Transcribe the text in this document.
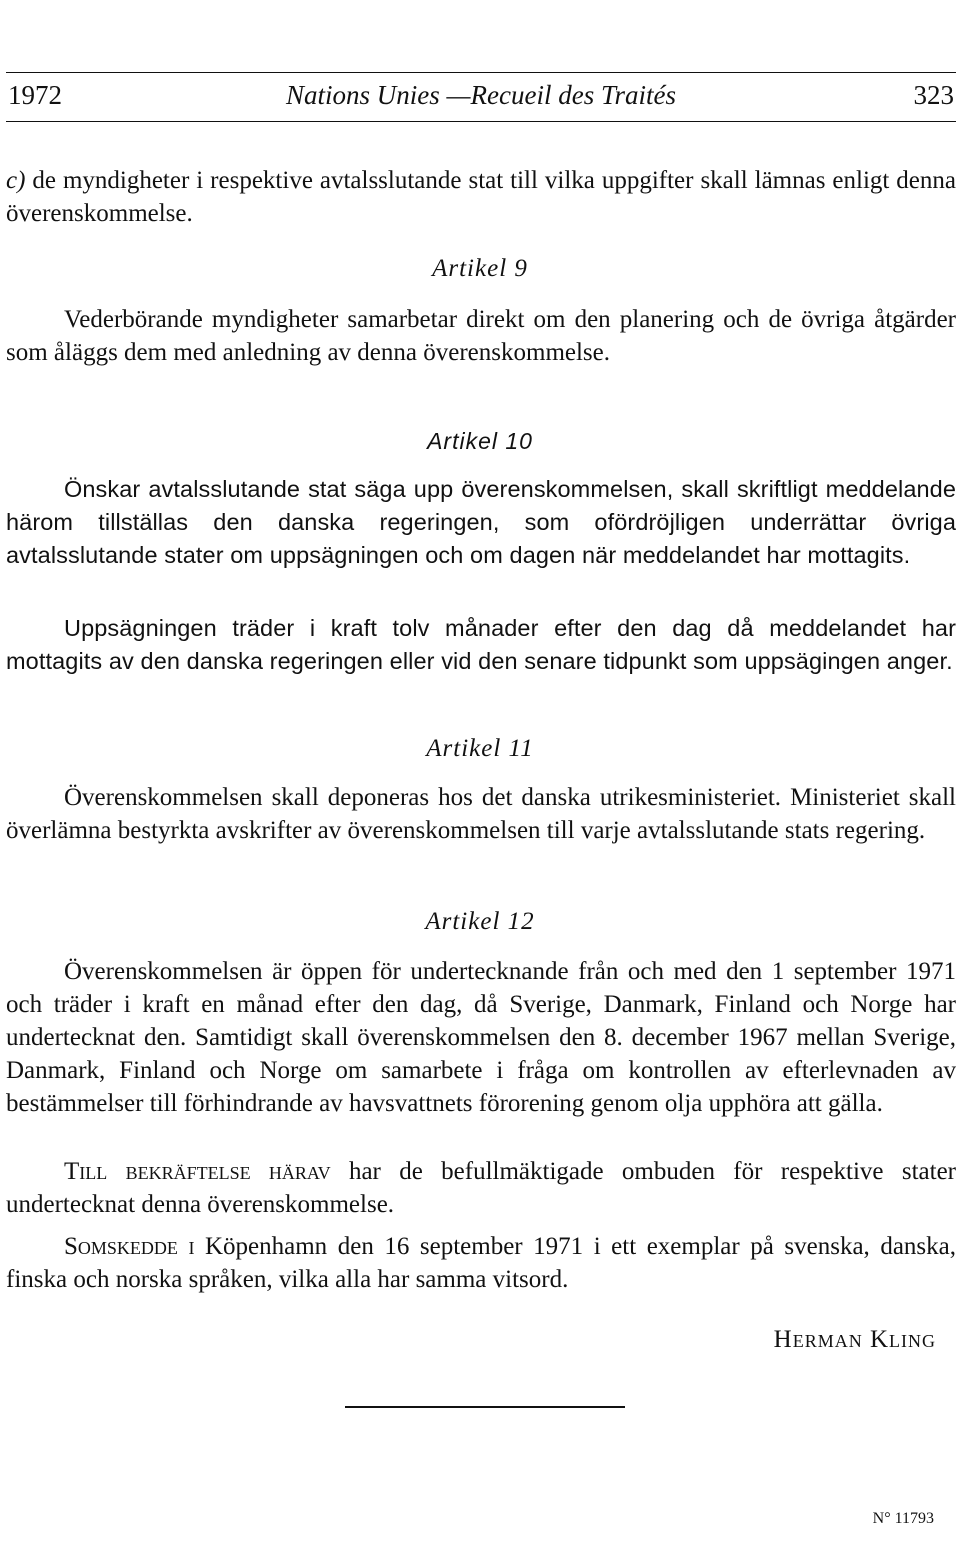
1972	Nations Unies —Recueil des Traités	323

c) de myndigheter i respektive avtalsslutande stat till vilka uppgifter skall lämnas enligt denna överenskommelse.

Artikel 9

Vederbörande myndigheter samarbetar direkt om den planering och de övriga åtgärder som åläggs dem med anledning av denna överenskommelse.

Artikel 10

Önskar avtalsslutande stat säga upp överenskommelsen, skall skriftligt meddelande härom tillställas den danska regeringen, som ofördröjligen underrättar övriga avtalsslutande stater om uppsägningen och om dagen när meddelandet har mottagits.

Uppsägningen träder i kraft tolv månader efter den dag då meddelandet har mottagits av den danska regeringen eller vid den senare tidpunkt som uppsägingen anger.

Artikel 11

Överenskommelsen skall deponeras hos det danska utrikesministeriet. Ministeriet skall överlämna bestyrkta avskrifter av överenskommelsen till varje avtalsslutande stats regering.

Artikel 12

Överenskommelsen är öppen för undertecknande från och med den 1 september 1971 och träder i kraft en månad efter den dag, då Sverige, Danmark, Finland och Norge har undertecknat den. Samtidigt skall överenskommelsen den 8. december 1967 mellan Sverige, Danmark, Finland och Norge om samarbete i fråga om kontrollen av efterlevnaden av bestämmelser till förhindrande av havsvattnets förorening genom olja upphöra att gälla.

Till bekräftelse härav har de befullmäktigade ombuden för respektive stater undertecknat denna överenskommelse.

Somskedde i Köpenhamn den 16 september 1971 i ett exemplar på svenska, danska, finska och norska språken, vilka alla har samma vitsord.

Herman Kling
N° 11793
